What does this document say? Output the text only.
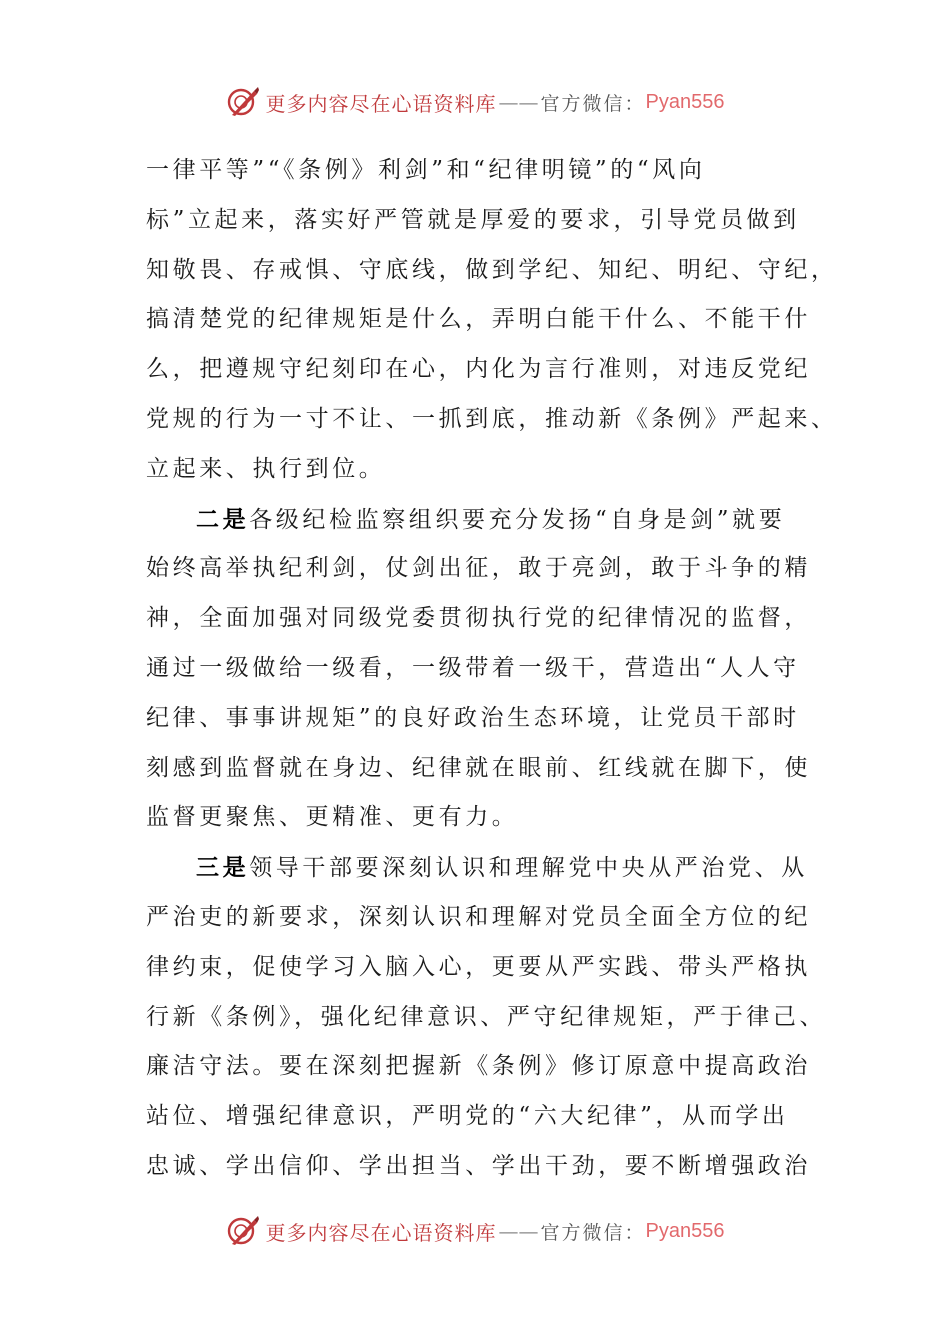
更多内容尽在心语资料库 —— 官方微信： Pyan556
一律平等”“《条例》利剑”和“纪律明镜”的“风向
标”立起来，落实好严管就是厚爱的要求，引导党员做到
知敬畏、存戒惧、守底线，做到学纪、知纪、明纪、守纪，
搞清楚党的纪律规矩是什么，弄明白能干什么、不能干什
么，把遵规守纪刻印在心，内化为言行准则，对违反党纪
党规的行为一寸不让、一抓到底，推动新《条例》严起来、
立起来、执行到位。
二是各级纪检监察组织要充分发扬“自身是剑”就要
始终高举执纪利剑，仗剑出征，敢于亮剑，敢于斗争的精
神，全面加强对同级党委贯彻执行党的纪律情况的监督，
通过一级做给一级看，一级带着一级干，营造出“人人守
纪律、事事讲规矩”的良好政治生态环境，让党员干部时
刻感到监督就在身边、纪律就在眼前、红线就在脚下，使
监督更聚焦、更精准、更有力。
三是领导干部要深刻认识和理解党中央从严治党、从
严治吏的新要求，深刻认识和理解对党员全面全方位的纪
律约束，促使学习入脑入心，更要从严实践、带头严格执
行新《条例》，强化纪律意识、严守纪律规矩，严于律己、
廉洁守法。要在深刻把握新《条例》修订原意中提高政治
站位、增强纪律意识，严明党的“六大纪律”，从而学出
忠诚、学出信仰、学出担当、学出干劲，要不断增强政治
更多内容尽在心语资料库 —— 官方微信： Pyan556
